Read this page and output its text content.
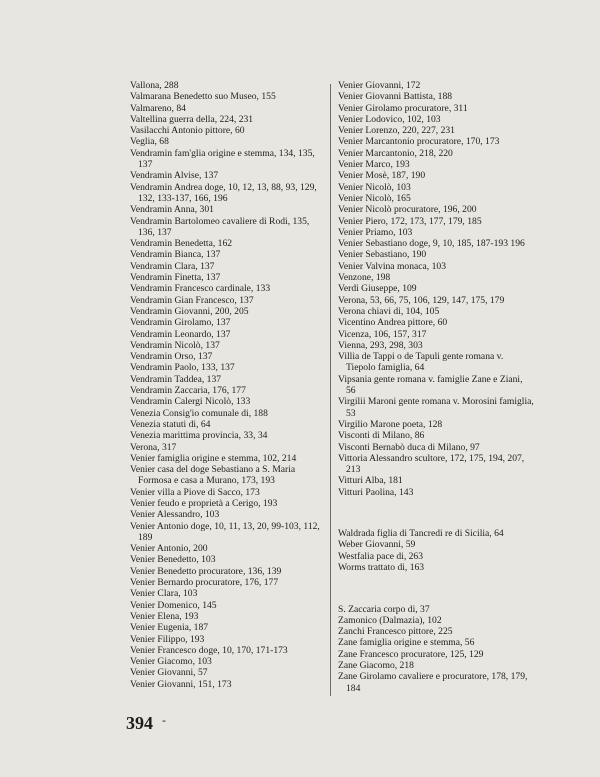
Vallona, 288

Valmarana Benedetto suo Museo, 155

Valmareno, 84

Valtellina guerra della, 224, 231

Vasilacchi Antonio pittore, 60

Veglia, 68

Vendramin fam'glia origine e stemma, 134, 135, 137

Vendramin Alvise, 137

Vendramin Andrea doge, 10, 12, 13, 88, 93, 129, 132, 133-137, 166, 196

Vendramin Anna, 301

Vendramin Bartolomeo cavaliere di Rodi, 135, 136, 137

Vendramin Benedetta, 162

Vendramin Bianca, 137

Vendramin Clara, 137

Vendramin Finetta, 137

Vendramin Francesco cardinale, 133

Vendramin Gian Francesco, 137

Vendramin Giovanni, 200, 205

Vendramin Girolamo, 137

Vendramin Leonardo, 137

Vendramin Nicolò, 137

Vendramin Orso, 137

Vendramin Paolo, 133, 137

Vendramin Taddea, 137

Vendramin Zaccaria, 176, 177

Vendramin Calergi Nicolò, 133

Venezia Consig'io comunale di, 188

Venezia statuti di, 64

Venezia marittima provincia, 33, 34

Verona, 317

Venier famiglia origine e stemma, 102, 214

Venier casa del doge Sebastiano a S. Maria Formosa e casa a Murano, 173, 193

Venier villa a Piove di Sacco, 173

Venier feudo e proprietà a Cerigo, 193

Venier Alessandro, 103

Venier Antonio doge, 10, 11, 13, 20, 99-103, 112, 189

Venier Antonio, 200

Venier Benedetto, 103

Venier Benedetto procuratore, 136, 139

Venier Bernardo procuratore, 176, 177

Venier Clara, 103

Venier Domenico, 145

Venier Elena, 193

Venier Eugenia, 187

Venier Filippo, 193

Venier Francesco doge, 10, 170, 171-173

Venier Giacomo, 103

Venier Giovanni, 57

Venier Giovanni, 151, 173

Venier Giovanni, 172

Venier Giovanni Battista, 188

Venier Girolamo procuratore, 311

Venier Lodovico, 102, 103

Venier Lorenzo, 220, 227, 231

Venier Marcantonio procuratore, 170, 173

Venier Marcantonio, 218, 220

Venier Marco, 193

Venier Mosè, 187, 190

Venier Nicolò, 103

Venier Nicolò, 165

Venier Nicolò procuratore, 196, 200

Venier Piero, 172, 173, 177, 179, 185

Venier Priamo, 103

Venier Sebastiano doge, 9, 10, 185, 187-193 196

Venier Sebastiano, 190

Venier Valvina monaca, 103

Venzone, 198

Verdi Giuseppe, 109

Verona, 53, 66, 75, 106, 129, 147, 175, 179

Verona chiavi di, 104, 105

Vicentino Andrea pittore, 60

Vicenza, 106, 157, 317

Vienna, 293, 298, 303

Villia de Tappi o de Tapuli gente romana v. Tiepolo famiglia, 64

Vipsania gente romana v. famiglie Zane e Ziani, 56

Virgilii Maroni gente romana v. Morosini famiglia, 53

Virgilio Marone poeta, 128

Visconti di Milano, 86

Visconti Bernabò duca di Milano, 97

Vittoria Alessandro scultore, 172, 175, 194, 207, 213

Vitturi Alba, 181

Vitturi Paolina, 143

Waldrada figlia di Tancredi re di Sicilia, 64

Weber Giovanni, 59

Westfalia pace di, 263

Worms trattato di, 163

S. Zaccaria corpo di, 37

Zamonico (Dalmazia), 102

Zanchi Francesco pittore, 225

Zane famiglia origine e stemma, 56

Zane Francesco procuratore, 125, 129

Zane Giacomo, 218

Zane Girolamo cavaliere e procuratore, 178, 179, 184

394 -
